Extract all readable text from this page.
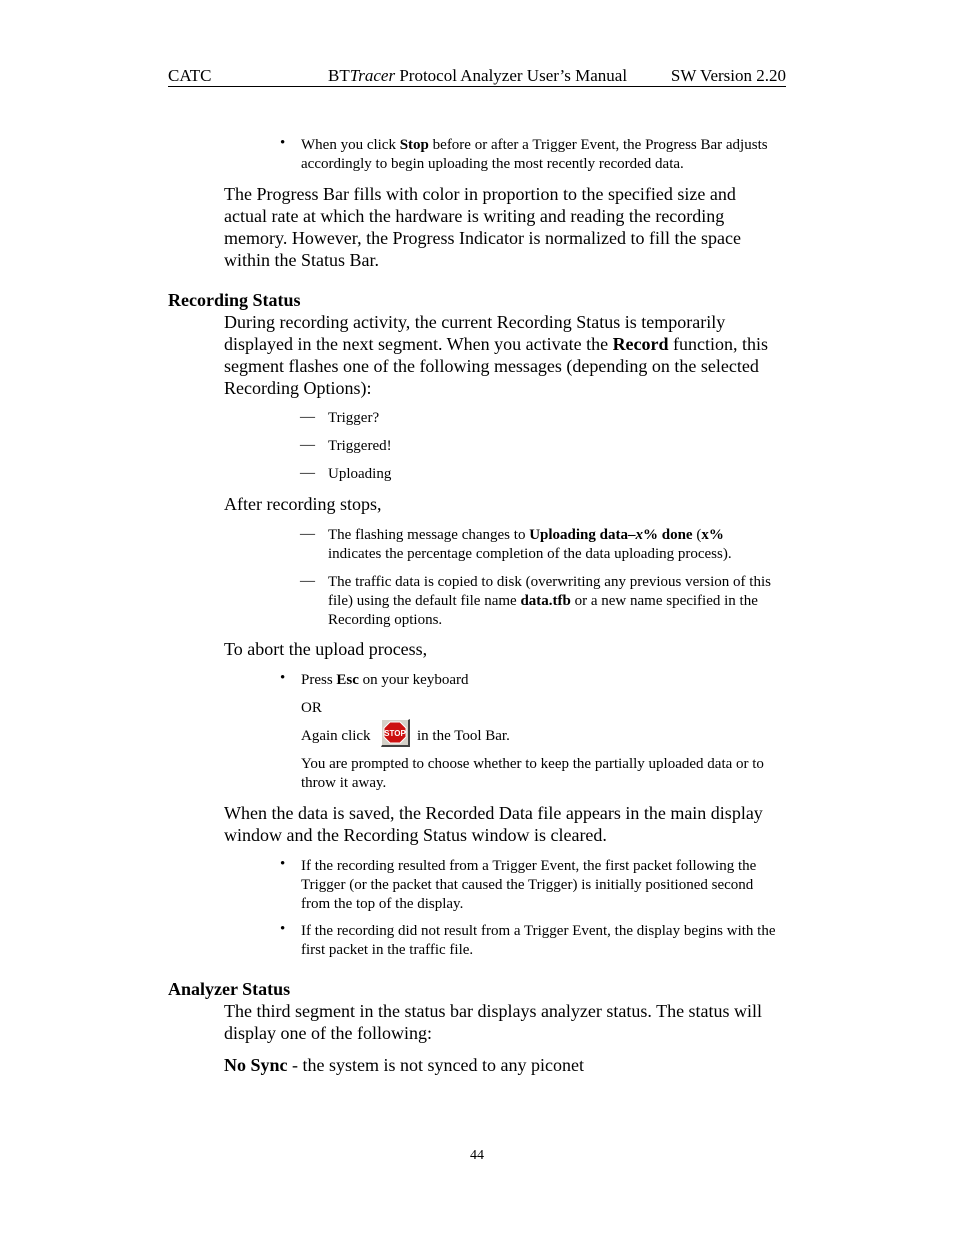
CATC	BTTracer Protocol Analyzer User’s Manual	SW Version 2.20
• When you click Stop before or after a Trigger Event, the Progress Bar adjusts
accordingly to begin uploading the most recently recorded data.
The Progress Bar fills with color in proportion to the specified size and
actual rate at which the hardware is writing and reading the recording
memory. However, the Progress Indicator is normalized to fill the space
within the Status Bar.
Recording Status
During recording activity, the current Recording Status is temporarily
displayed in the next segment. When you activate the Record function, this
segment flashes one of the following messages (depending on the selected
Recording Options):
— Trigger?
— Triggered!
— Uploading
After recording stops,
— The flashing message changes to Uploading data–x% done (x%
indicates the percentage completion of the data uploading process).
— The traffic data is copied to disk (overwriting any previous version of this
file) using the default file name data.tfb or a new name specified in the
Recording options.
To abort the upload process,
• Press Esc on your keyboard
OR
Again click STOP in the Tool Bar.
You are prompted to choose whether to keep the partially uploaded data or to
throw it away.
When the data is saved, the Recorded Data file appears in the main display
window and the Recording Status window is cleared.
• If the recording resulted from a Trigger Event, the first packet following the
Trigger (or the packet that caused the Trigger) is initially positioned second
from the top of the display.
• If the recording did not result from a Trigger Event, the display begins with the
first packet in the traffic file.
Analyzer Status
The third segment in the status bar displays analyzer status. The status will
display one of the following:
No Sync - the system is not synced to any piconet
44
